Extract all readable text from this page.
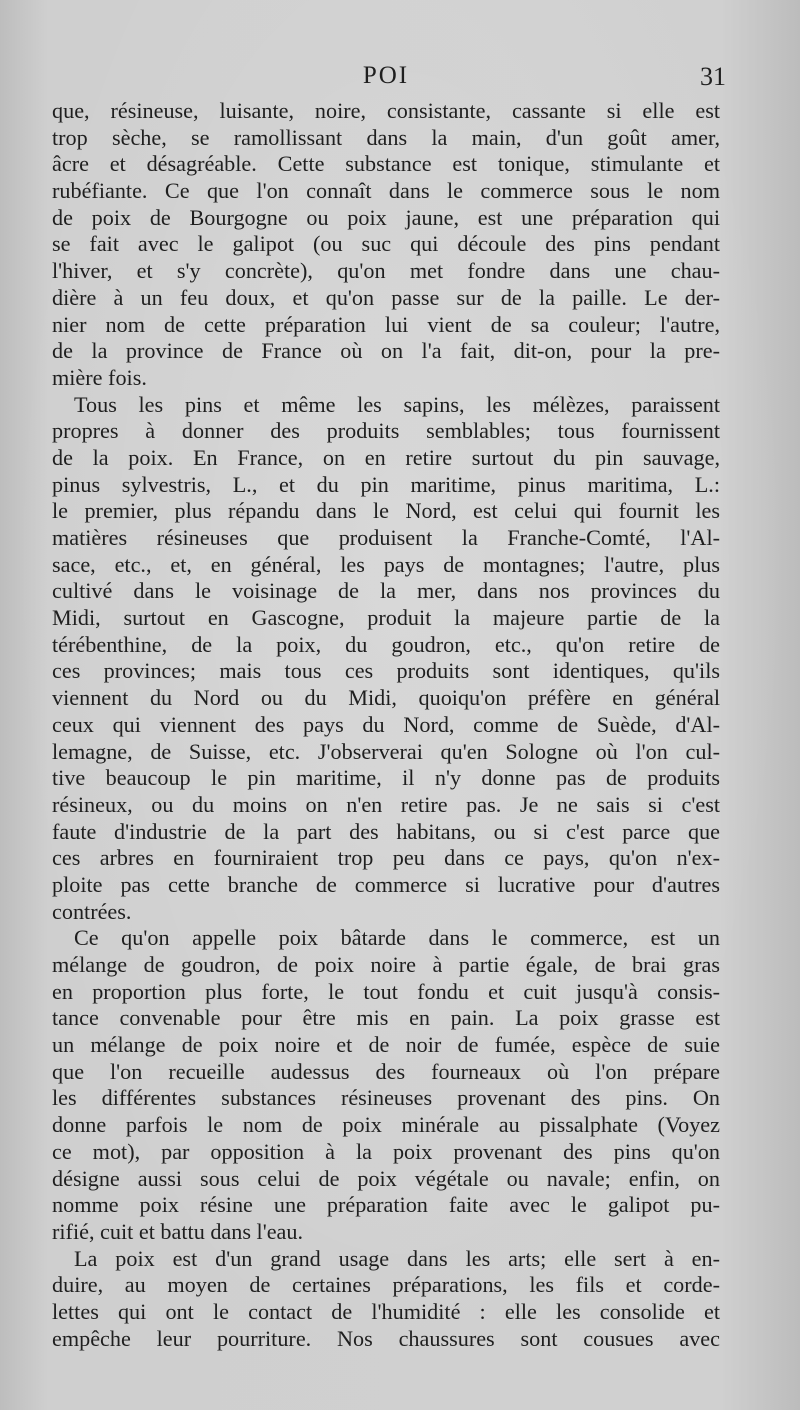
POI	31
que, résineuse, luisante, noire, consistante, cassante si elle est
trop sèche, se ramollissant dans la main, d'un goût amer,
âcre et désagréable. Cette substance est tonique, stimulante et
rubéfiante. Ce que l'on connaît dans le commerce sous le nom
de poix de Bourgogne ou poix jaune, est une préparation qui
se fait avec le galipot (ou suc qui découle des pins pendant
l'hiver, et s'y concrète), qu'on met fondre dans une chau-
dière à un feu doux, et qu'on passe sur de la paille. Le der-
nier nom de cette préparation lui vient de sa couleur; l'autre,
de la province de France où on l'a fait, dit-on, pour la pre-
mière fois.
Tous les pins et même les sapins, les mélèzes, paraissent
propres à donner des produits semblables; tous fournissent
de la poix. En France, on en retire surtout du pin sauvage,
pinus sylvestris, L., et du pin maritime, pinus maritima, L.:
le premier, plus répandu dans le Nord, est celui qui fournit les
matières résineuses que produisent la Franche-Comté, l'Al-
sace, etc., et, en général, les pays de montagnes; l'autre, plus
cultivé dans le voisinage de la mer, dans nos provinces du
Midi, surtout en Gascogne, produit la majeure partie de la
térébenthine, de la poix, du goudron, etc., qu'on retire de
ces provinces; mais tous ces produits sont identiques, qu'ils
viennent du Nord ou du Midi, quoiqu'on préfère en général
ceux qui viennent des pays du Nord, comme de Suède, d'Al-
lemagne, de Suisse, etc. J'observerai qu'en Sologne où l'on cul-
tive beaucoup le pin maritime, il n'y donne pas de produits
résineux, ou du moins on n'en retire pas. Je ne sais si c'est
faute d'industrie de la part des habitans, ou si c'est parce que
ces arbres en fourniraient trop peu dans ce pays, qu'on n'ex-
ploite pas cette branche de commerce si lucrative pour d'autres
contrées.
Ce qu'on appelle poix bâtarde dans le commerce, est un
mélange de goudron, de poix noire à partie égale, de brai gras
en proportion plus forte, le tout fondu et cuit jusqu'à consis-
tance convenable pour être mis en pain. La poix grasse est
un mélange de poix noire et de noir de fumée, espèce de suie
que l'on recueille audessus des fourneaux où l'on prépare
les différentes substances résineuses provenant des pins. On
donne parfois le nom de poix minérale au pissalphate (Voyez
ce mot), par opposition à la poix provenant des pins qu'on
désigne aussi sous celui de poix végétale ou navale; enfin, on
nomme poix résine une préparation faite avec le galipot pu-
rifié, cuit et battu dans l'eau.
La poix est d'un grand usage dans les arts; elle sert à en-
duire, au moyen de certaines préparations, les fils et corde-
lettes qui ont le contact de l'humidité : elle les consolide et
empêche leur pourriture. Nos chaussures sont cousues avec
